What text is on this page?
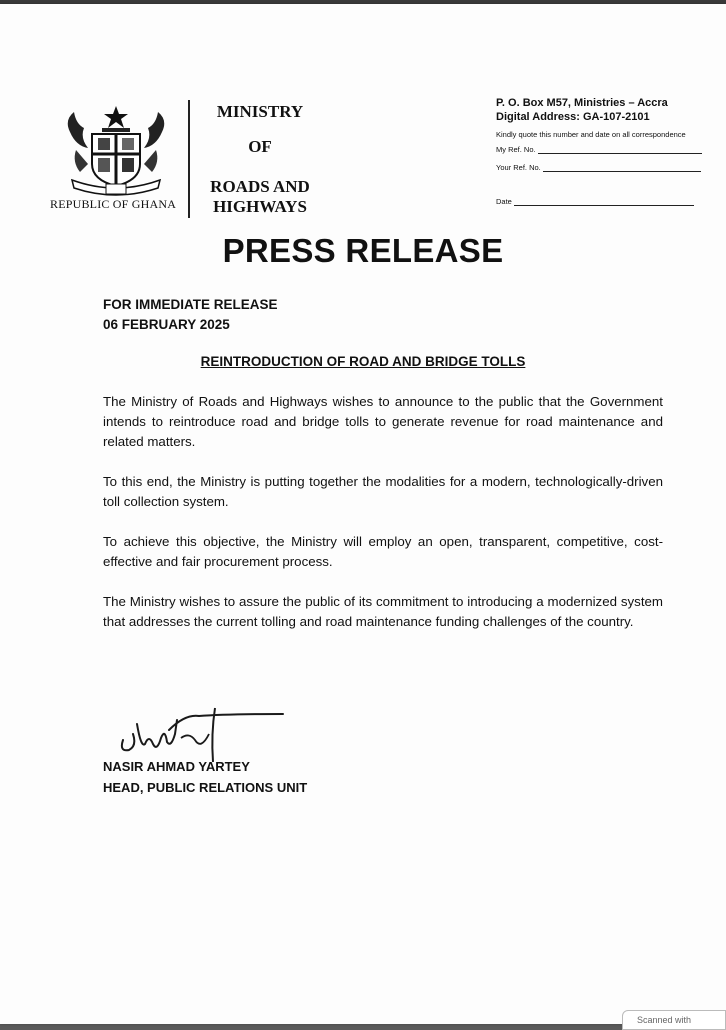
REPUBLIC OF GHANA
MINISTRY
OF
ROADS AND
HIGHWAYS
P. O. Box M57, Ministries – Accra
Digital Address: GA-107-2101
Kindly quote this number and date on all correspondence
My Ref. No.
Your Ref. No.
Date
PRESS RELEASE
FOR IMMEDIATE RELEASE
06 FEBRUARY 2025
REINTRODUCTION OF ROAD AND BRIDGE TOLLS

The Ministry of Roads and Highways wishes to announce to the public that the Government intends to reintroduce road and bridge tolls to generate revenue for road maintenance and related matters.

To this end, the Ministry is putting together the modalities for a modern, technologically-driven toll collection system.

To achieve this objective, the Ministry will employ an open, transparent, competitive, cost-effective and fair procurement process.

The Ministry wishes to assure the public of its commitment to introducing a modernized system that addresses the current tolling and road maintenance funding challenges of the country.

NASIR AHMAD YARTEY
HEAD, PUBLIC RELATIONS UNIT
Scanned with
